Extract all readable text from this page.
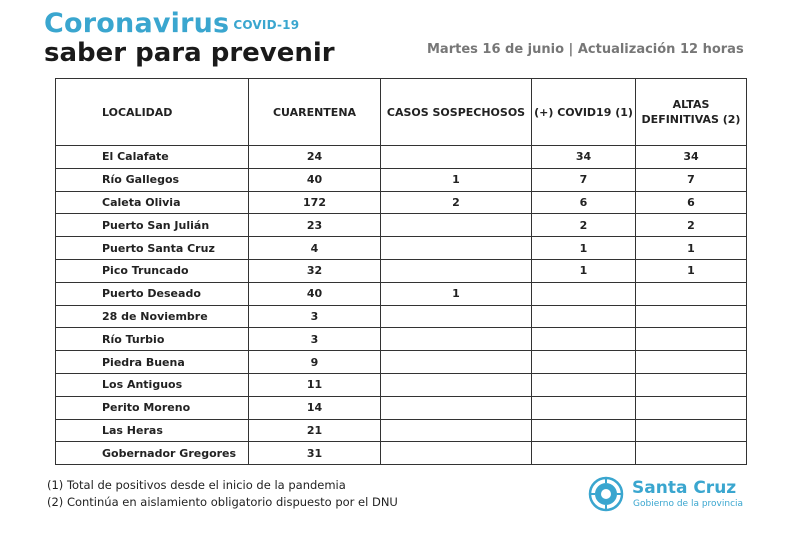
Coronavirus $^{COVID-19}$
saber para prevenir	Martes 16 de junio | Actualización 12 horas
LOCALIDAD	CUARENTENA	CASOS SOSPECHOSOS	(+) COVID19 (1)	ALTAS DEFINITIVAS (2)
El Calafate	24		34	34
Río Gallegos	40	1	7	7
Caleta Olivia	172	2	6	6
Puerto San Julián	23		2	2
Puerto Santa Cruz	4		1	1
Pico Truncado	32		1	1
Puerto Deseado	40	1		
28 de Noviembre	3			
Río Turbio	3			
Piedra Buena	9			
Los Antiguos	11			
Perito Moreno	14			
Las Heras	21			
Gobernador Gregores	31			
(1) Total de positivos desde el inicio de la pandemia
(2) Continúa en aislamiento obligatorio dispuesto por el DNU
Santa Cruz
Gobierno de la provincia
